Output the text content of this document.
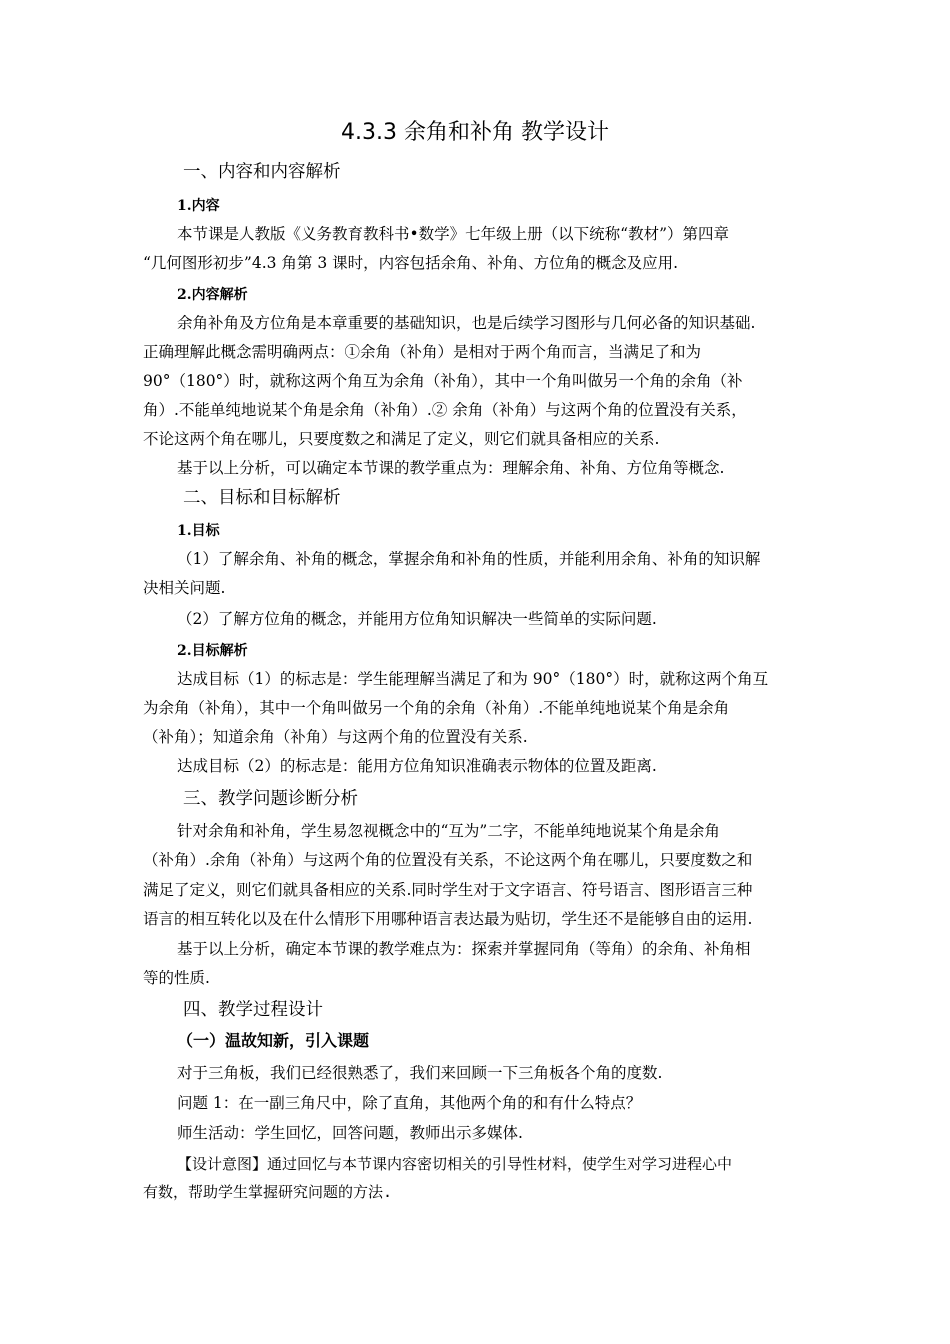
4.3.3 余角和补角 教学设计
一、内容和内容解析
1.内容
本节课是人教版《义务教育教科书•数学》七年级上册（以下统称“教材”）第四章
“几何图形初步”4.3 角第 3 课时，内容包括余角、补角、方位角的概念及应用.
2.内容解析
余角补角及方位角是本章重要的基础知识，也是后续学习图形与几何必备的知识基础.
正确理解此概念需明确两点：①余角（补角）是相对于两个角而言，当满足了和为
90°（180°）时，就称这两个角互为余角（补角），其中一个角叫做另一个角的余角（补
角）.不能单纯地说某个角是余角（补角）.② 余角（补角）与这两个角的位置没有关系，
不论这两个角在哪儿，只要度数之和满足了定义，则它们就具备相应的关系.
基于以上分析，可以确定本节课的教学重点为：理解余角、补角、方位角等概念.
二、目标和目标解析
1.目标
（1）了解余角、补角的概念，掌握余角和补角的性质，并能利用余角、补角的知识解
决相关问题.
（2）了解方位角的概念，并能用方位角知识解决一些简单的实际问题.
2.目标解析
达成目标（1）的标志是：学生能理解当满足了和为 90°（180°）时，就称这两个角互
为余角（补角），其中一个角叫做另一个角的余角（补角）.不能单纯地说某个角是余角
（补角）；知道余角（补角）与这两个角的位置没有关系.
达成目标（2）的标志是：能用方位角知识准确表示物体的位置及距离.
三、教学问题诊断分析
针对余角和补角，学生易忽视概念中的“互为”二字，不能单纯地说某个角是余角
（补角）.余角（补角）与这两个角的位置没有关系，不论这两个角在哪儿，只要度数之和
满足了定义，则它们就具备相应的关系.同时学生对于文字语言、符号语言、图形语言三种
语言的相互转化以及在什么情形下用哪种语言表达最为贴切，学生还不是能够自由的运用.
基于以上分析，确定本节课的教学难点为：探索并掌握同角（等角）的余角、补角相
等的性质.
四、教学过程设计
（一）温故知新，引入课题
对于三角板，我们已经很熟悉了，我们来回顾一下三角板各个角的度数.
问题 1：在一副三角尺中，除了直角，其他两个角的和有什么特点？
师生活动：学生回忆，回答问题，教师出示多媒体.
【设计意图】通过回忆与本节课内容密切相关的引导性材料，使学生对学习进程心中
有数，帮助学生掌握研究问题的方法.
